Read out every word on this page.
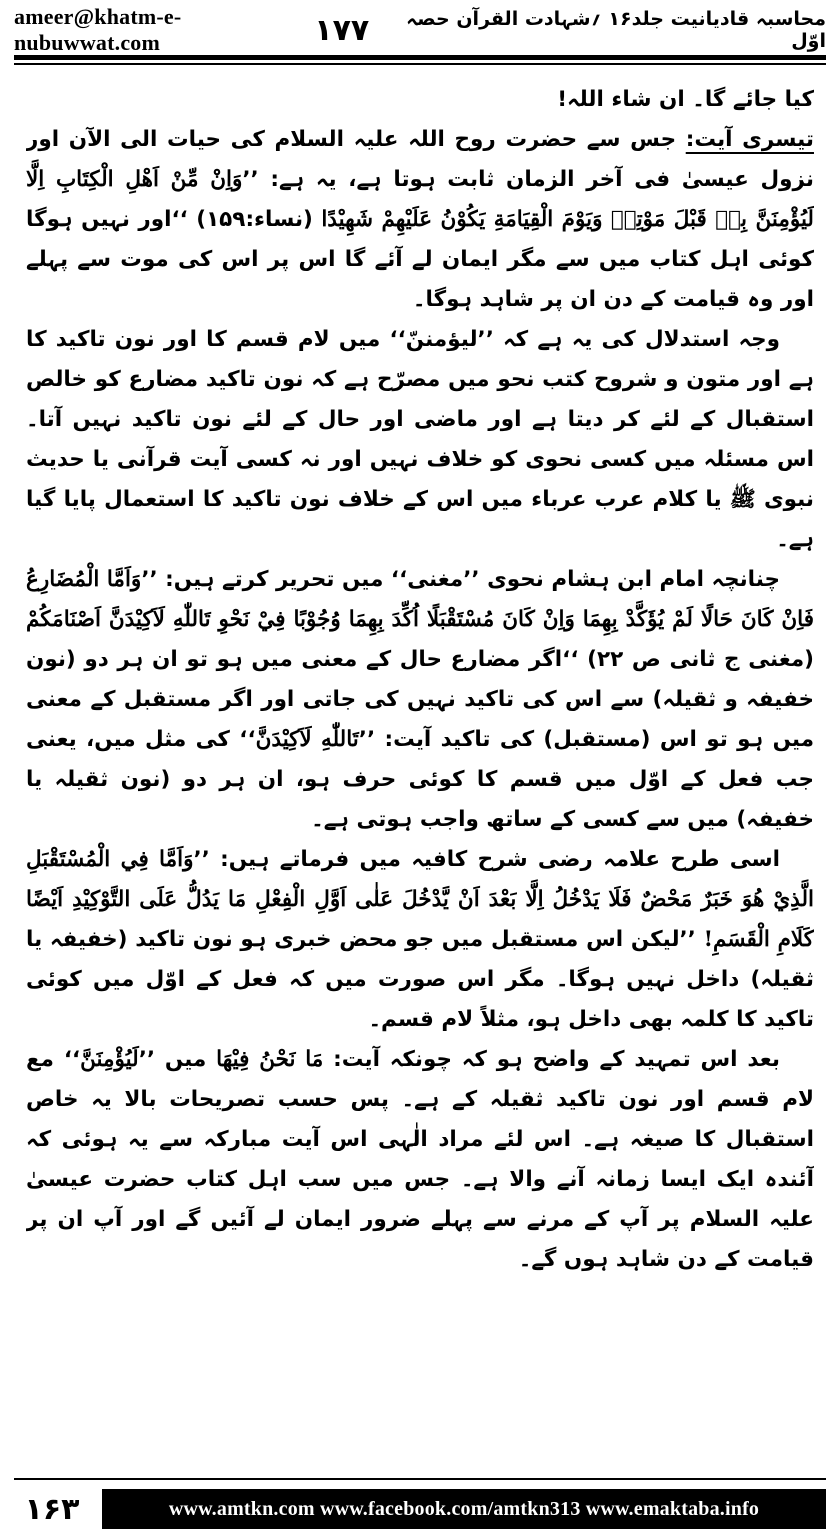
ameer@khatm-e-nubuwwat.com
محاسبہ قادیانیت جلد۱۶ ؍شہادت القرآن حصہ اوّل
۱۷۷

کیا جائے گا۔ ان شاء اللہ!

تیسری آیت: جس سے حضرت روح اللہ علیہ السلام کی حیات الی الآن اور نزول عیسیٰ فی آخر الزمان ثابت ہوتا ہے، یہ ہے: ’’وَاِنْ مِّنْ اَهْلِ الْكِتَابِ اِلَّا لَيُؤْمِنَنَّ بِهٖ قَبْلَ مَوْتِهٖ وَيَوْمَ الْقِيَامَةِ يَكُوْنُ عَلَيْهِمْ شَهِيْدًا (نساء:۱۵۹) ‘‘اور نہیں ہوگا کوئی اہل کتاب میں سے مگر ایمان لے آئے گا اس پر اس کی موت سے پہلے اور وہ قیامت کے دن ان پر شاہد ہوگا۔

وجہ استدلال کی یہ ہے کہ ’’لیؤمننّ‘‘ میں لام قسم کا اور نون تاکید کا ہے اور متون و شروح کتب نحو میں مصرّح ہے کہ نون تاکید مضارع کو خالص استقبال کے لئے کر دیتا ہے اور ماضی اور حال کے لئے نون تاکید نہیں آتا۔ اس مسئلہ میں کسی نحوی کو خلاف نہیں اور نہ کسی آیت قرآنی یا حدیث نبوی ﷺ یا کلام عرب عرباء میں اس کے خلاف نون تاکید کا استعمال پایا گیا ہے۔

چنانچہ امام ابن ہشام نحوی ’’مغنی‘‘ میں تحریر کرتے ہیں: ’’وَاَمَّا الْمُضَارِعُ فَاِنْ كَانَ حَالًا لَمْ يُؤَكَّدْ بِهِمَا وَاِنْ كَانَ مُسْتَقْبَلًا اُكِّدَ بِهِمَا وُجُوْبًا فِيْ نَحْوِ تَاللّٰهِ لَاَكِيْدَنَّ اَصْنَامَكُمْ (مغنی ج ثانی ص ۲۲) ‘‘اگر مضارع حال کے معنی میں ہو تو ان ہر دو (نون خفیفہ و ثقیلہ) سے اس کی تاکید نہیں کی جاتی اور اگر مستقبل کے معنی میں ہو تو اس (مستقبل) کی تاکید آیت: ’’تَاللّٰهِ لَاَكِيْدَنَّ‘‘ کی مثل میں، یعنی جب فعل کے اوّل میں قسم کا کوئی حرف ہو، ان ہر دو (نون ثقیلہ یا خفیفہ) میں سے کسی کے ساتھ واجب ہوتی ہے۔

اسی طرح علامہ رضی شرح کافیہ میں فرماتے ہیں: ’’وَاَمَّا فِي الْمُسْتَقْبَلِ الَّذِيْ هُوَ خَبَرٌ مَحْضٌ فَلَا يَدْخُلُ اِلَّا بَعْدَ اَنْ يَّدْخُلَ عَلٰى اَوَّلِ الْفِعْلِ مَا يَدُلُّ عَلَى التَّوْكِيْدِ اَيْضًا كَلَامِ الْقَسَمِ! ’’لیکن اس مستقبل میں جو محض خبری ہو نون تاکید (خفیفہ یا ثقیلہ) داخل نہیں ہوگا۔ مگر اس صورت میں کہ فعل کے اوّل میں کوئی تاکید کا کلمہ بھی داخل ہو، مثلاً لام قسم۔

بعد اس تمہید کے واضح ہو کہ چونکہ آیت: مَا نَحْنُ فِيْهَا میں ’’لَيُؤْمِنَنَّ‘‘ مع لام قسم اور نون تاکید ثقیلہ کے ہے۔ پس حسب تصریحات بالا یہ خاص استقبال کا صیغہ ہے۔ اس لئے مراد الٰہی اس آیت مبارکہ سے یہ ہوئی کہ آئندہ ایک ایسا زمانہ آنے والا ہے۔ جس میں سب اہل کتاب حضرت عیسیٰ علیہ السلام پر آپ کے مرنے سے پہلے ضرور ایمان لے آئیں گے اور آپ ان پر قیامت کے دن شاہد ہوں گے۔

۱۶۳	www.amtkn.com www.facebook.com/amtkn313 www.emaktaba.info
